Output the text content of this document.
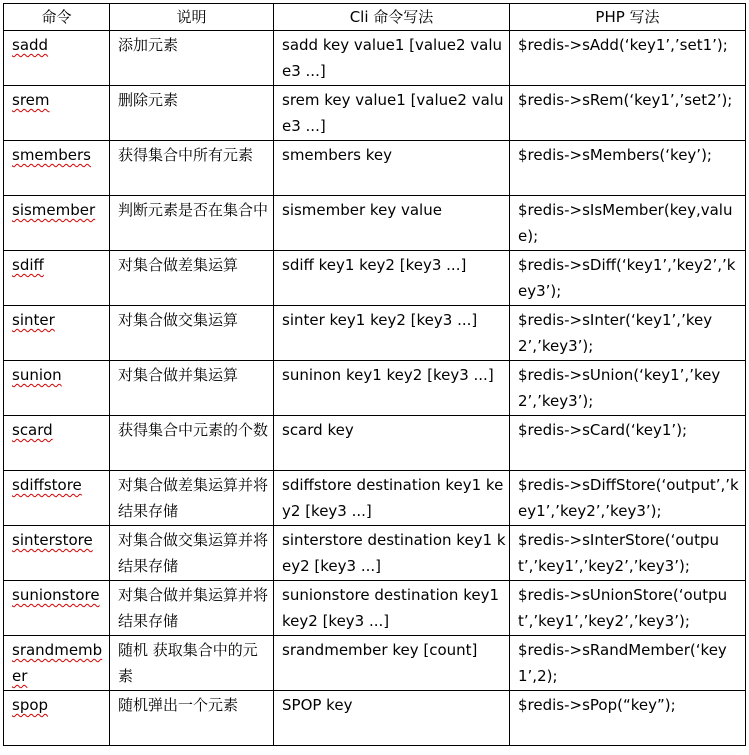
命令	说明	Cli 命令写法	PHP 写法
sadd	添加元素	sadd key value1 [value2 value3 ...]	$redis->sAdd(‘key1’,’set1’);
srem	删除元素	srem key value1 [value2 value3 ...]	$redis->sRem(‘key1’,’set2’);
smembers	获得集合中所有元素	smembers key	$redis->sMembers(‘key’);
sismember	判断元素是否在集合中	sismember key value	$redis->sIsMember(key,value);
sdiff	对集合做差集运算	sdiff key1 key2 [key3 ...]	$redis->sDiff(‘key1’,’key2’,’key3’);
sinter	对集合做交集运算	sinter key1 key2 [key3 ...]	$redis->sInter(‘key1’,’key2’,’key3’);
sunion	对集合做并集运算	suninon key1 key2 [key3 ...]	$redis->sUnion(‘key1’,’key2’,’key3’);
scard	获得集合中元素的个数	scard key	$redis->sCard(‘key1’);
sdiffstore	对集合做差集运算并将结果存储	sdiffstore destination key1 key2 [key3 ...]	$redis->sDiffStore(‘output’,’key1’,’key2’,’key3’);
sinterstore	对集合做交集运算并将结果存储	sinterstore destination key1 key2 [key3 ...]	$redis->sInterStore(‘output’,’key1’,’key2’,’key3’);
sunionstore	对集合做并集运算并将结果存储	sunionstore destination key1 key2 [key3 ...]	$redis->sUnionStore(‘output’,’key1’,’key2’,’key3’);
srandmember	随机 获取集合中的元素	srandmember key [count]	$redis->sRandMember(‘key1’,2);
spop	随机弹出一个元素	SPOP key	$redis->sPop(“key”);
